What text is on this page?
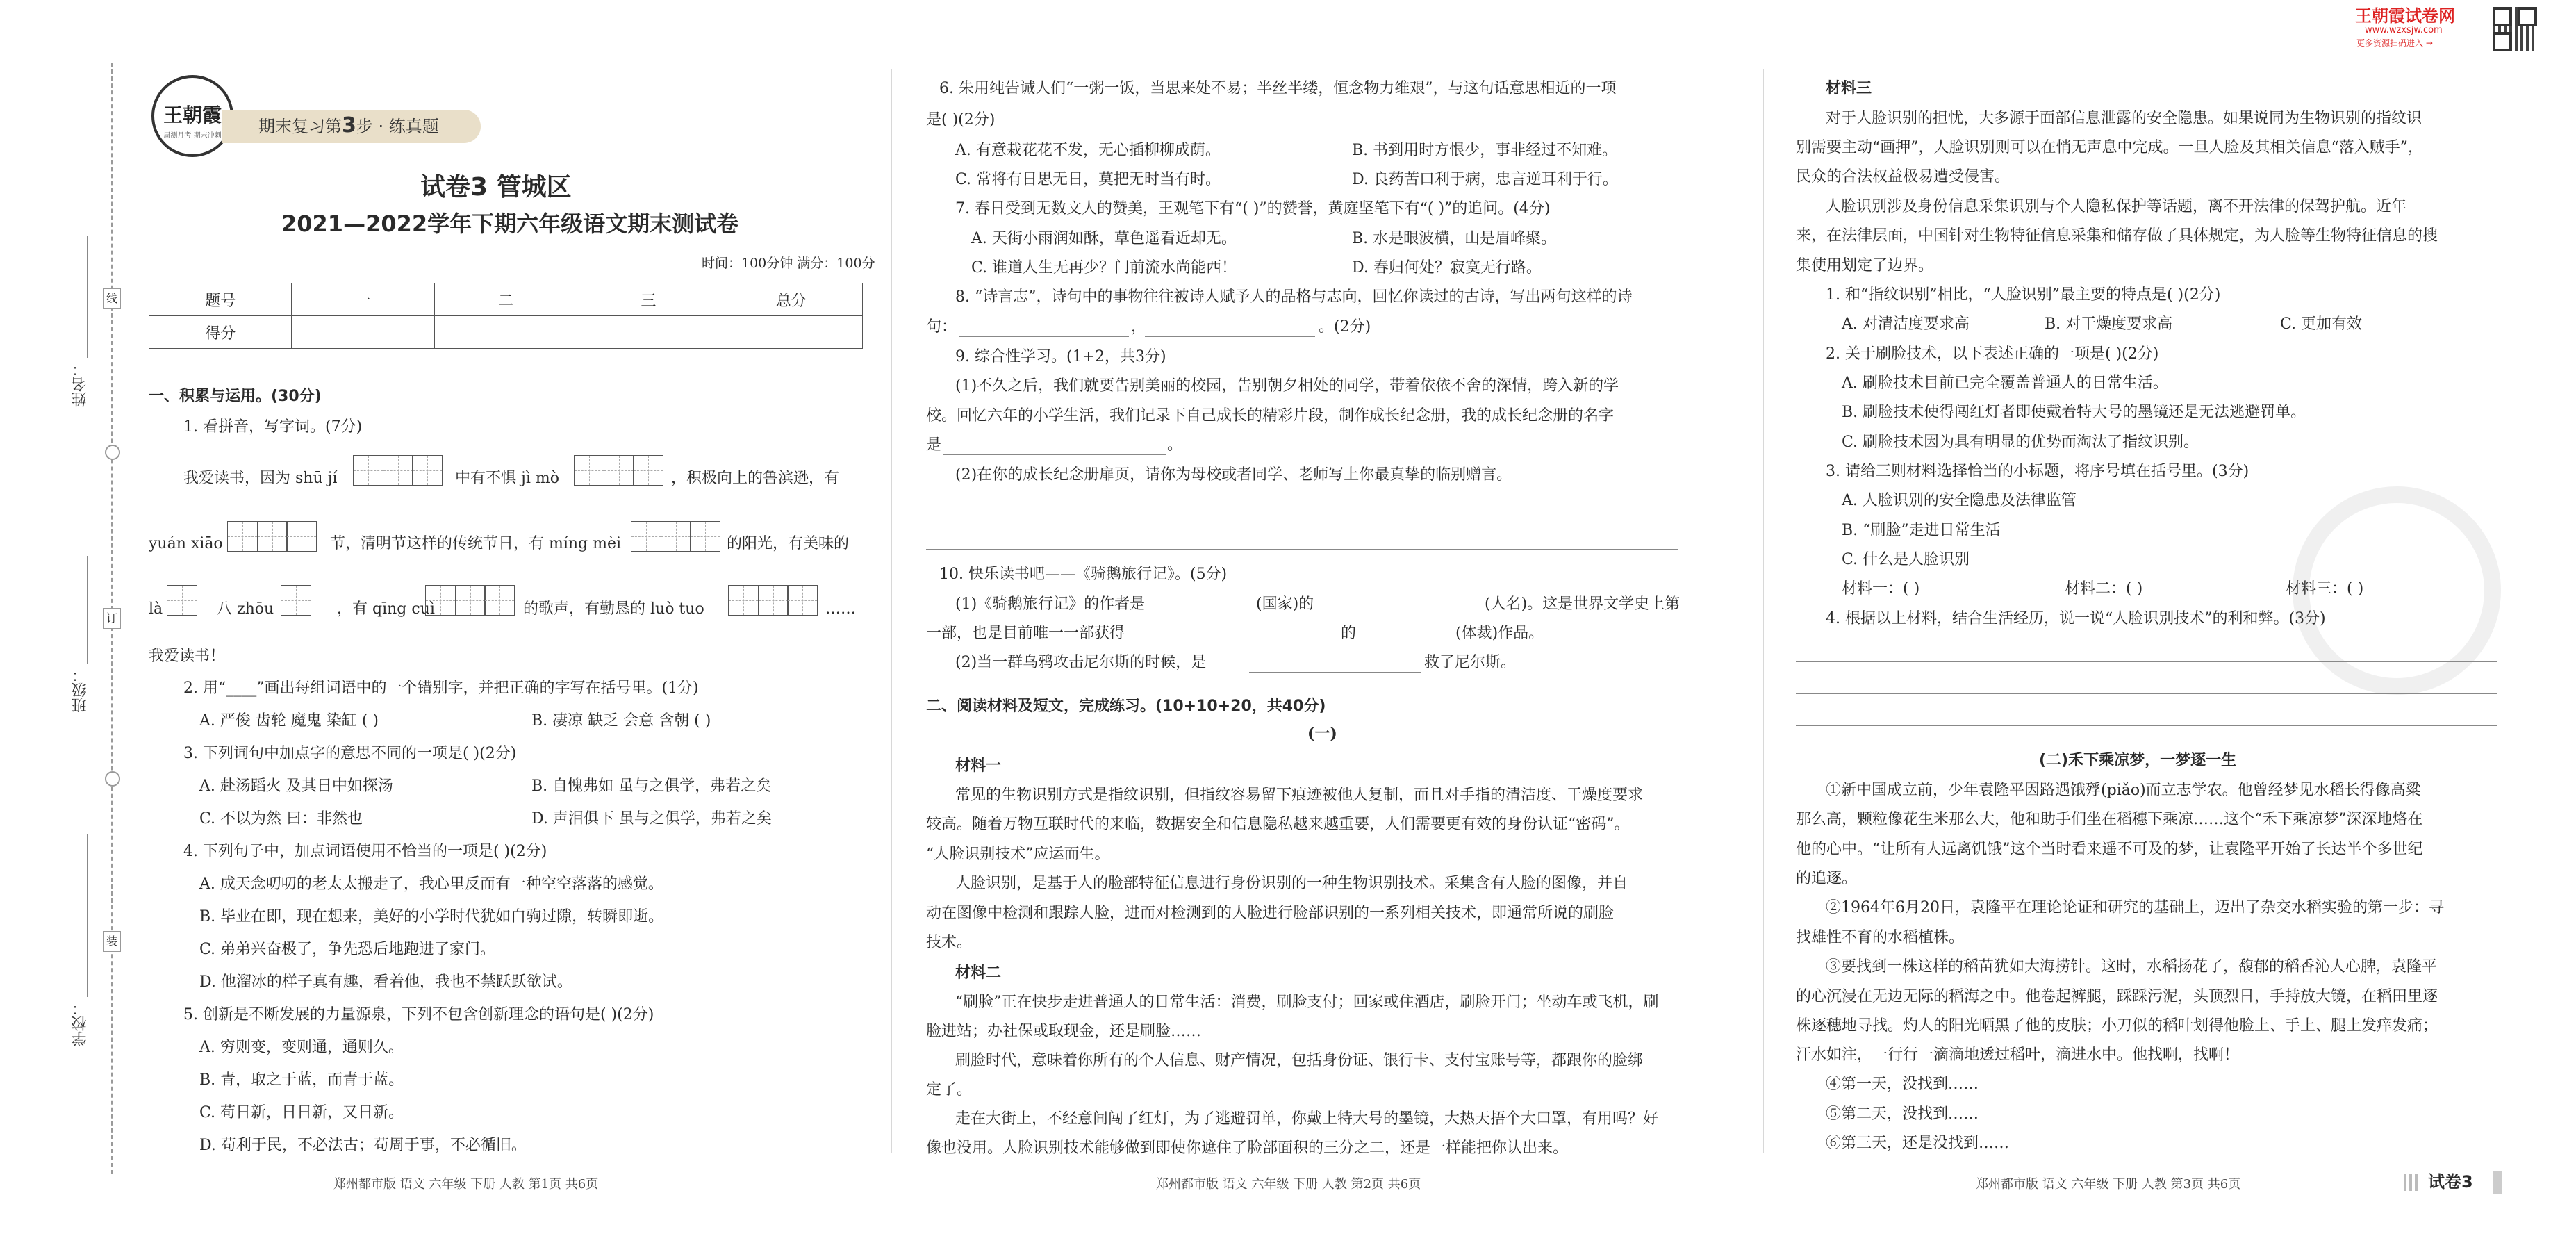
王朝霞试卷网
www.wzxsjw.com
更多资源扫码进入 →
线
订
装
姓名：
班级：
学校：
王朝霞
周测月考 期末冲刺	期末复习第3步 · 练真题
试卷3 管城区
2021—2022学年下期六年级语文期末测试卷
时间：100分钟 满分：100分
题号	一	二	三	总分
得分				
一、积累与运用。(30分)
1. 看拼音，写字词。(7分)
我爱读书，因为 shū jí	中有不惧 jì mò	，积极向上的鲁滨逊，有
yuán xiāo	节，清明节这样的传统节日，有 míng mèi	的阳光，有美味的
là	八 zhōu	，有 qīng cuì	的歌声，有勤恳的 luò tuo	……
我爱读书！
2. 用“____”画出每组词语中的一个错别字，并把正确的字写在括号里。(1分)
A. 严俊 齿轮 魔鬼 染缸 ( )	B. 凄凉 缺乏 会意 含朝 ( )
3. 下列词句中加点字的意思不同的一项是( )(2分)
A. 赴汤蹈火 及其日中如探汤	B. 自愧弗如 虽与之俱学，弗若之矣
C. 不以为然 曰：非然也	D. 声泪俱下 虽与之俱学，弗若之矣
4. 下列句子中，加点词语使用不恰当的一项是( )(2分)
A. 成天念叨叨的老太太搬走了，我心里反而有一种空空落落的感觉。
B. 毕业在即，现在想来，美好的小学时代犹如白驹过隙，转瞬即逝。
C. 弟弟兴奋极了，争先恐后地跑进了家门。
D. 他溜冰的样子真有趣，看着他，我也不禁跃跃欲试。
5. 创新是不断发展的力量源泉，下列不包含创新理念的语句是( )(2分)
A. 穷则变，变则通，通则久。
B. 青，取之于蓝，而青于蓝。
C. 苟日新，日日新，又日新。
D. 苟利于民，不必法古；苟周于事，不必循旧。
郑州都市版 语文 六年级 下册 人教 第1页 共6页
6. 朱用纯告诫人们“一粥一饭，当思来处不易；半丝半缕，恒念物力维艰”，与这句话意思相近的一项
是( )(2分)
A. 有意栽花花不发，无心插柳柳成荫。	B. 书到用时方恨少，事非经过不知难。
C. 常将有日思无日，莫把无时当有时。	D. 良药苦口利于病，忠言逆耳利于行。
7. 春日受到无数文人的赞美，王观笔下有“( )”的赞誉，黄庭坚笔下有“( )”的追问。(4分)
A. 天街小雨润如酥，草色遥看近却无。	B. 水是眼波横，山是眉峰聚。
C. 谁道人生无再少？门前流水尚能西！	D. 春归何处？寂寞无行路。
8. “诗言志”，诗句中的事物往往被诗人赋予人的品格与志向，回忆你读过的古诗，写出两句这样的诗
句：	，	。(2分)
9. 综合性学习。(1+2，共3分)
(1)不久之后，我们就要告别美丽的校园，告别朝夕相处的同学，带着依依不舍的深情，跨入新的学
校。回忆六年的小学生活，我们记录下自己成长的精彩片段，制作成长纪念册，我的成长纪念册的名字
是	。
(2)在你的成长纪念册扉页，请你为母校或者同学、老师写上你最真挚的临别赠言。
10. 快乐读书吧——《骑鹅旅行记》。(5分)
(1)《骑鹅旅行记》的作者是	(国家)的	(人名)。这是世界文学史上第
一部，也是目前唯一一部获得	的	(体裁)作品。
(2)当一群乌鸦攻击尼尔斯的时候，是	救了尼尔斯。
二、阅读材料及短文，完成练习。(10+10+20，共40分)
(一)
材料一
常见的生物识别方式是指纹识别，但指纹容易留下痕迹被他人复制，而且对手指的清洁度、干燥度要求
较高。随着万物互联时代的来临，数据安全和信息隐私越来越重要，人们需要更有效的身份认证“密码”。
“人脸识别技术”应运而生。
人脸识别，是基于人的脸部特征信息进行身份识别的一种生物识别技术。采集含有人脸的图像，并自
动在图像中检测和跟踪人脸，进而对检测到的人脸进行脸部识别的一系列相关技术，即通常所说的刷脸
技术。
材料二
“刷脸”正在快步走进普通人的日常生活：消费，刷脸支付；回家或住酒店，刷脸开门；坐动车或飞机，刷
脸进站；办社保或取现金，还是刷脸……
刷脸时代，意味着你所有的个人信息、财产情况，包括身份证、银行卡、支付宝账号等，都跟你的脸绑
定了。
走在大街上，不经意间闯了红灯，为了逃避罚单，你戴上特大号的墨镜，大热天捂个大口罩，有用吗？好
像也没用。人脸识别技术能够做到即使你遮住了脸部面积的三分之二，还是一样能把你认出来。
郑州都市版 语文 六年级 下册 人教 第2页 共6页
材料三
对于人脸识别的担忧，大多源于面部信息泄露的安全隐患。如果说同为生物识别的指纹识
别需要主动“画押”，人脸识别则可以在悄无声息中完成。一旦人脸及其相关信息“落入贼手”，
民众的合法权益极易遭受侵害。
人脸识别涉及身份信息采集识别与个人隐私保护等话题，离不开法律的保驾护航。近年
来，在法律层面，中国针对生物特征信息采集和储存做了具体规定，为人脸等生物特征信息的搜
集使用划定了边界。
1. 和“指纹识别”相比，“人脸识别”最主要的特点是( )(2分)
A. 对清洁度要求高	B. 对干燥度要求高	C. 更加有效
2. 关于刷脸技术，以下表述正确的一项是( )(2分)
A. 刷脸技术目前已完全覆盖普通人的日常生活。
B. 刷脸技术使得闯红灯者即使戴着特大号的墨镜还是无法逃避罚单。
C. 刷脸技术因为具有明显的优势而淘汰了指纹识别。
3. 请给三则材料选择恰当的小标题，将序号填在括号里。(3分)
A. 人脸识别的安全隐患及法律监管
B. “刷脸”走进日常生活
C. 什么是人脸识别
材料一：( )	材料二：( )	材料三：( )
4. 根据以上材料，结合生活经历，说一说“人脸识别技术”的利和弊。(3分)
(二)禾下乘凉梦，一梦逐一生
①新中国成立前，少年袁隆平因路遇饿殍(piǎo)而立志学农。他曾经梦见水稻长得像高粱
那么高，颗粒像花生米那么大，他和助手们坐在稻穗下乘凉……这个“禾下乘凉梦”深深地烙在
他的心中。“让所有人远离饥饿”这个当时看来遥不可及的梦，让袁隆平开始了长达半个多世纪
的追逐。
②1964年6月20日，袁隆平在理论论证和研究的基础上，迈出了杂交水稻实验的第一步：寻
找雄性不育的水稻植株。
③要找到一株这样的稻苗犹如大海捞针。这时，水稻扬花了，馥郁的稻香沁人心脾，袁隆平
的心沉浸在无边无际的稻海之中。他卷起裤腿，踩踩污泥，头顶烈日，手持放大镜，在稻田里逐
株逐穗地寻找。灼人的阳光晒黑了他的皮肤；小刀似的稻叶划得他脸上、手上、腿上发痒发痛；
汗水如注，一行行一滴滴地透过稻叶，滴进水中。他找啊，找啊！
④第一天，没找到……
⑤第二天，没找到……
⑥第三天，还是没找到……
郑州都市版 语文 六年级 下册 人教 第3页 共6页	试卷3
